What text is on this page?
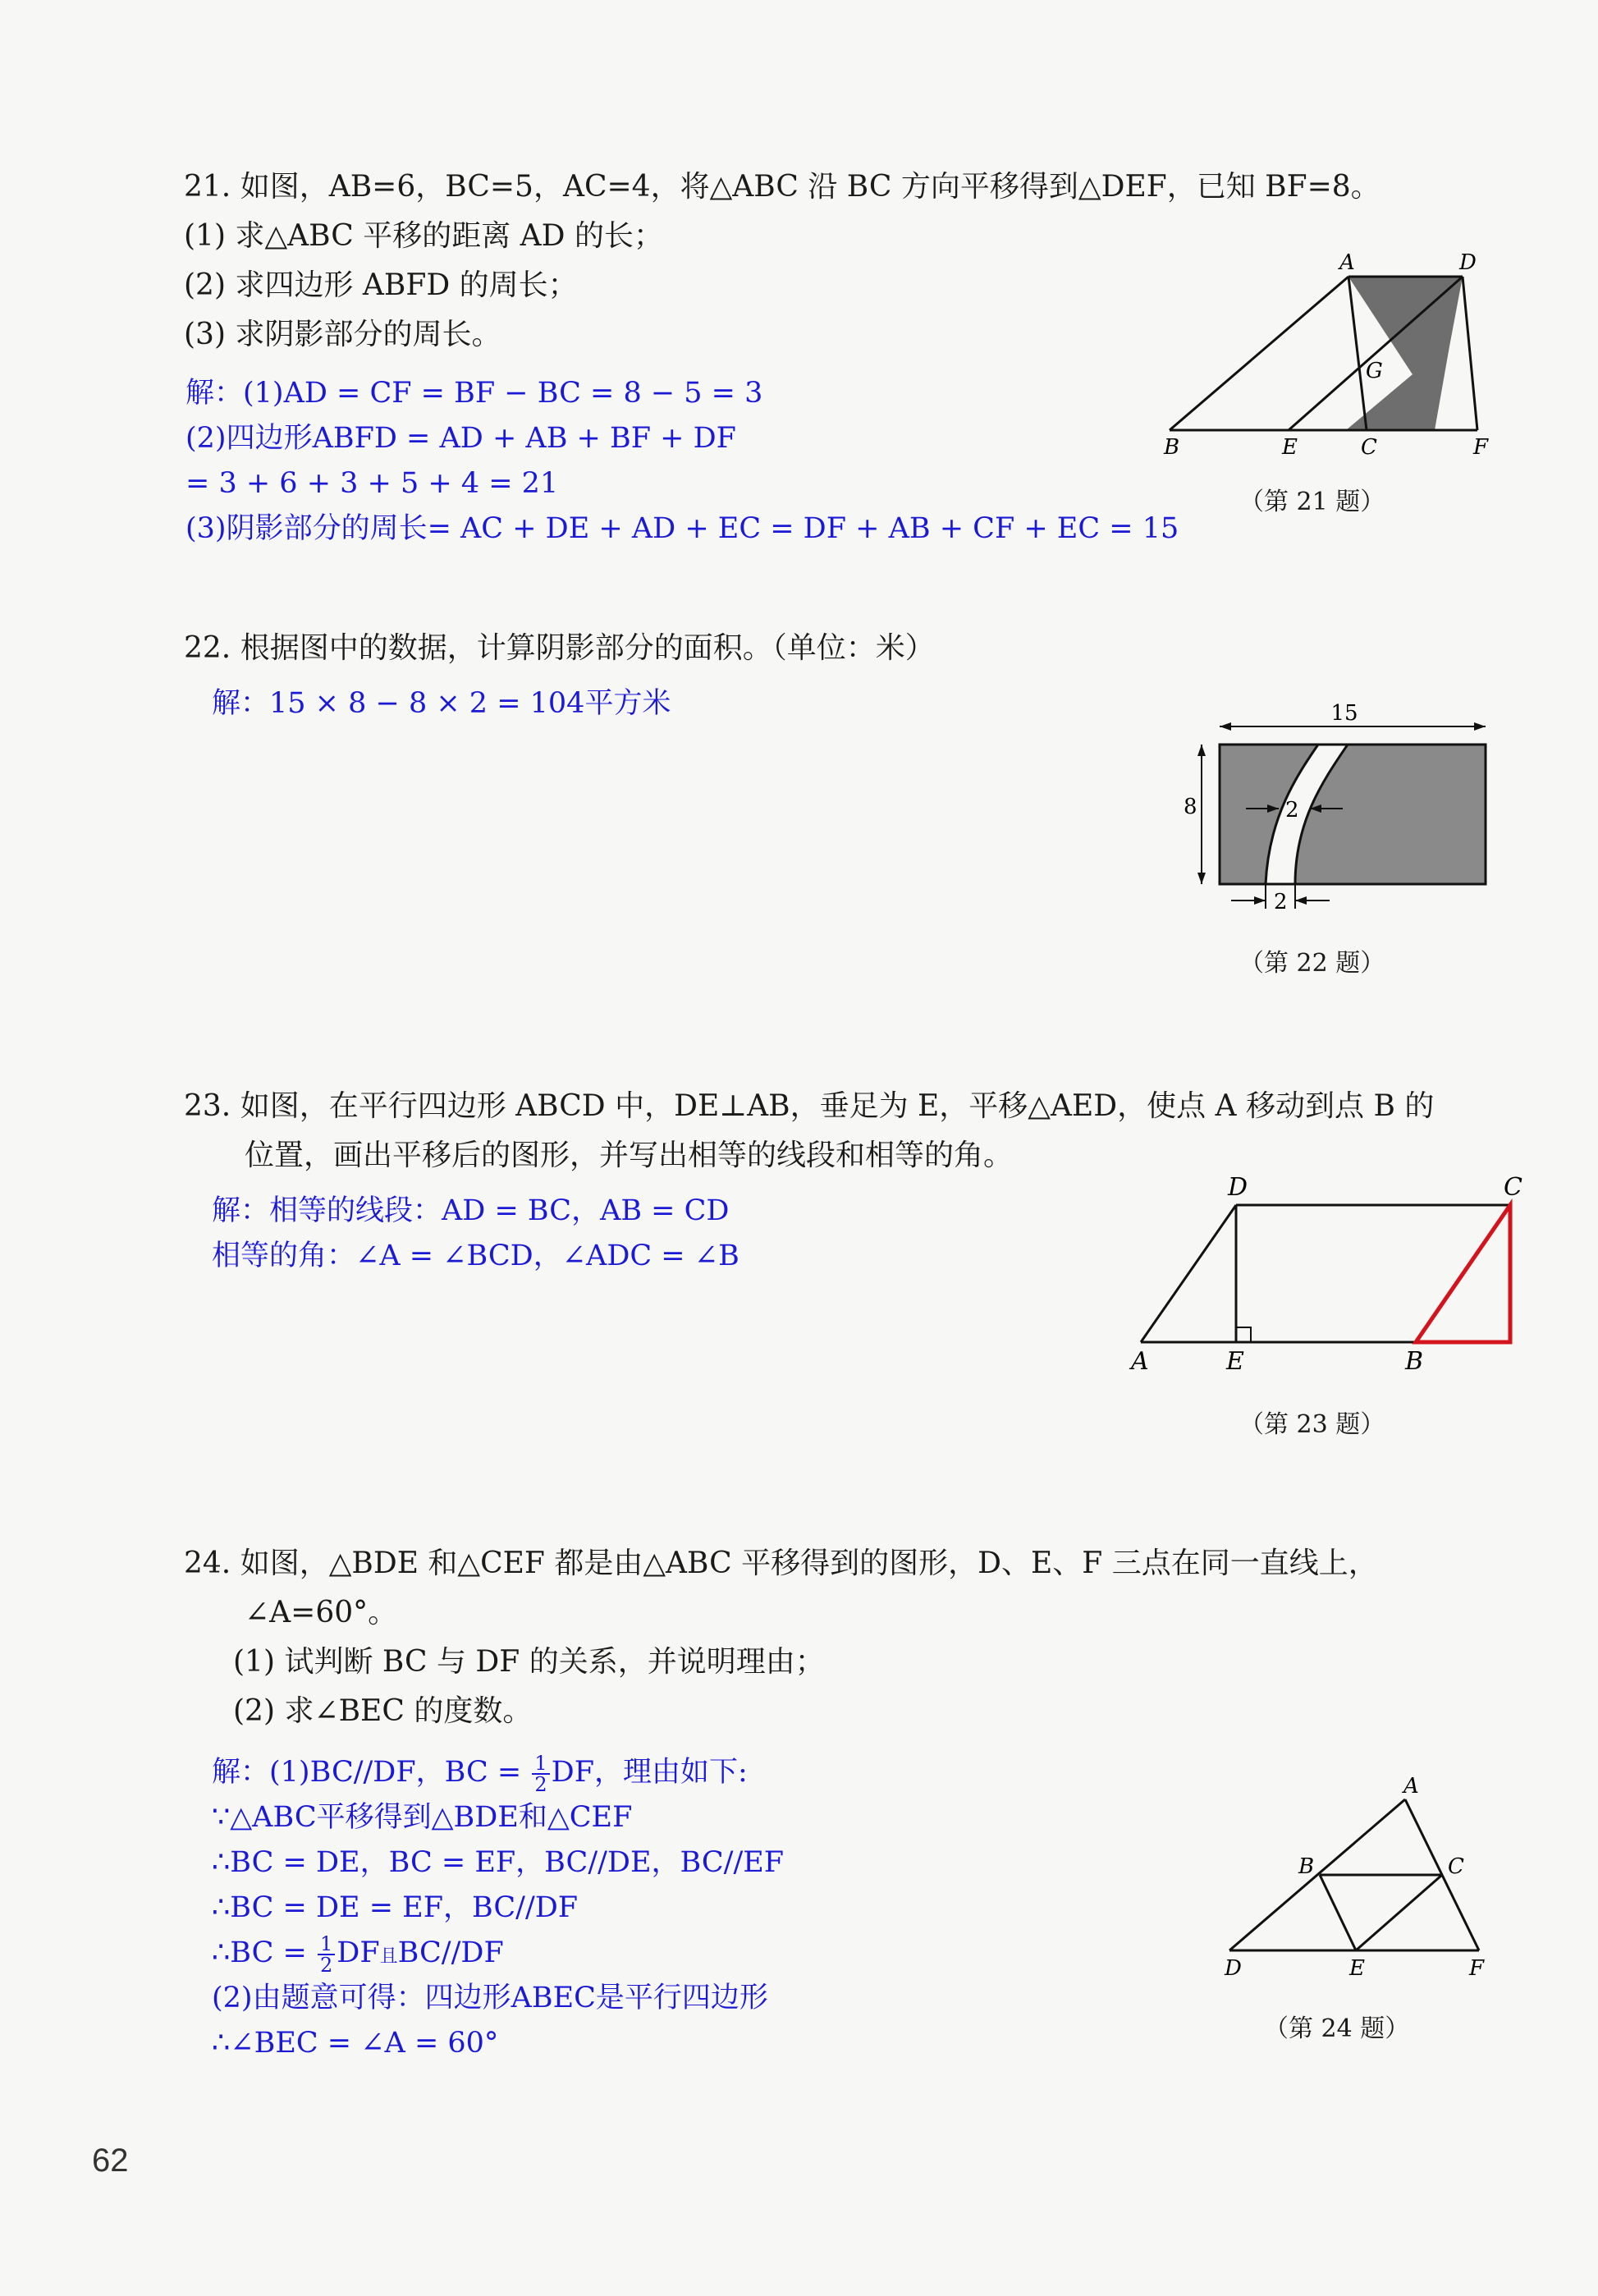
21. 如图，AB=6，BC=5，AC=4，将△ABC 沿 BC 方向平移得到△DEF，已知 BF=8。
(1) 求△ABC 平移的距离 AD 的长；
(2) 求四边形 ABFD 的周长；
(3) 求阴影部分的周长。
解：(1)AD = CF = BF − BC = 8 − 5 = 3
(2)四边形ABFD = AD + AB + BF + DF
= 3 + 6 + 3 + 5 + 4 = 21
(3)阴影部分的周长= AC + DE + AD + EC = DF + AB + CF + EC = 15
A	D
G
B	E	C	F
（第 21 题）
22. 根据图中的数据，计算阴影部分的面积。（单位：米）
解：15 × 8 − 8 × 2 = 104平方米	15
8	2
2
（第 22 题）
23. 如图，在平行四边形 ABCD 中，DE⊥AB，垂足为 E，平移△AED，使点 A 移动到点 B 的
位置，画出平移后的图形，并写出相等的线段和相等的角。
解：相等的线段：AD = BC，AB = CD
相等的角：∠A = ∠BCD，∠ADC = ∠B
D	C
A	E	B
（第 23 题）
24. 如图，△BDE 和△CEF 都是由△ABC 平移得到的图形，D、E、F 三点在同一直线上，
∠A=60°。
(1) 试判断 BC 与 DF 的关系，并说明理由；
(2) 求∠BEC 的度数。
解：(1)BC//DF，BC = $\frac{1}{2}$ DF，理由如下:
∵△ABC平移得到△BDE和△CEF
∴BC = DE，BC = EF，BC//DE，BC//EF
∴BC = DE = EF，BC//DF
∴BC = $\frac{1}{2}$ DF且BC//DF
(2)由题意可得：四边形ABEC是平行四边形
∴∠BEC = ∠A = 60°
A
B	C
D	E	F
（第 24 题）
62
